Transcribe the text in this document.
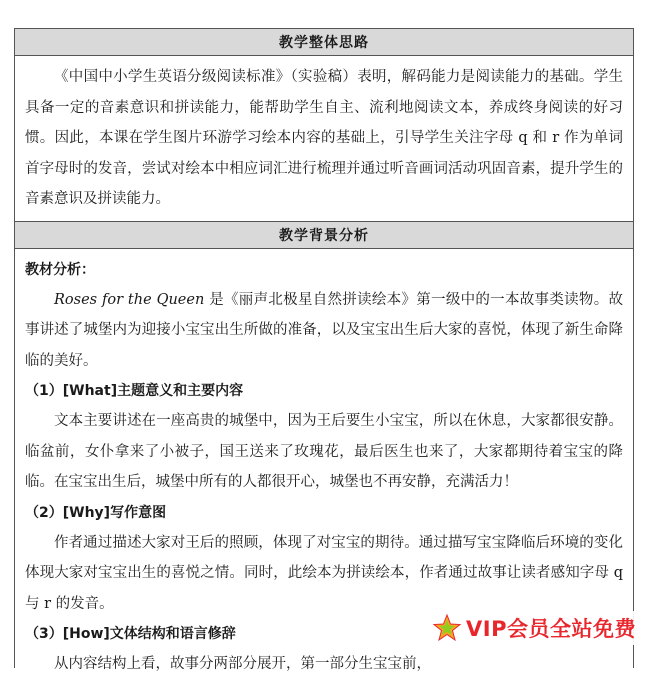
教学整体思路

《中国中小学生英语分级阅读标准》（实验稿）表明，解码能力是阅读能力的基础。学生具备一定的音素意识和拼读能力，能帮助学生自主、流利地阅读文本，养成终身阅读的好习惯。因此，本课在学生图片环游学习绘本内容的基础上，引导学生关注字母 q 和 r 作为单词首字母时的发音，尝试对绘本中相应词汇进行梳理并通过听音画词活动巩固音素，提升学生的音素意识及拼读能力。

教学背景分析
教材分析：

Roses for the Queen 是《丽声北极星自然拼读绘本》第一级中的一本故事类读物。故事讲述了城堡内为迎接小宝宝出生所做的准备，以及宝宝出生后大家的喜悦，体现了新生命降临的美好。

（1）[What]主题意义和主要内容

文本主要讲述在一座高贵的城堡中，因为王后要生小宝宝，所以在休息，大家都很安静。临盆前，女仆拿来了小被子，国王送来了玫瑰花，最后医生也来了，大家都期待着宝宝的降临。在宝宝出生后，城堡中所有的人都很开心，城堡也不再安静，充满活力！

（2）[Why]写作意图

作者通过描述大家对王后的照顾，体现了对宝宝的期待。通过描写宝宝降临后环境的变化体现大家对宝宝出生的喜悦之情。同时，此绘本为拼读绘本，作者通过故事让读者感知字母 q 与 r 的发音。

（3）[How]文体结构和语言修辞

从内容结构上看，故事分两部分展开，第一部分生宝宝前，

VIP会员全站免费
